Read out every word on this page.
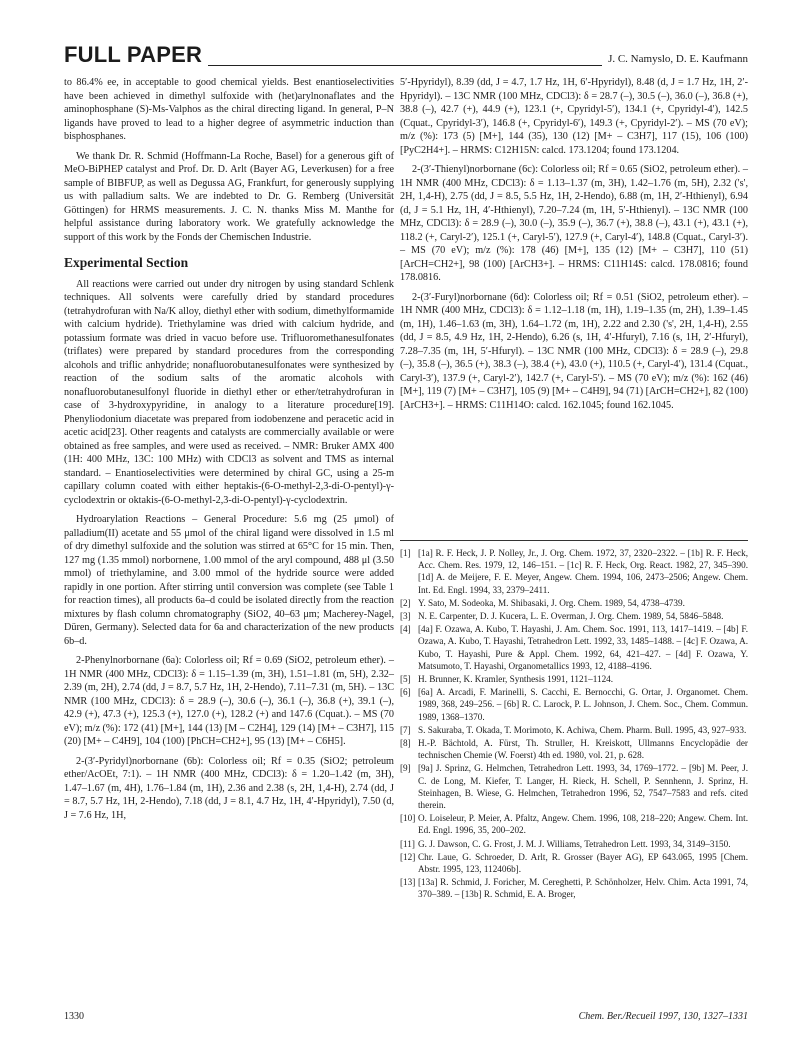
FULL PAPER	J. C. Namyslo, D. E. Kaufmann

to 86.4% ee, in acceptable to good chemical yields. Best enantioselectivities have been achieved in dimethyl sulfoxide with (het)arylnonaflates and the aminophosphane (S)-Ms-Valphos as the chiral directing ligand. In general, P–N ligands have proved to lead to a higher degree of asymmetric induction than bisphosphanes.

We thank Dr. R. Schmid (Hoffmann-La Roche, Basel) for a generous gift of MeO-BiPHEP catalyst and Prof. Dr. D. Arlt (Bayer AG, Leverkusen) for a free sample of BIBFUP, as well as Degussa AG, Frankfurt, for generously supplying us with palladium salts. We are indebted to Dr. G. Remberg (Universität Göttingen) for HRMS measurements. J. C. N. thanks Miss M. Manthe for helpful assistance during laboratory work. We gratefully acknowledge the support of this work by the Fonds der Chemischen Industrie.

Experimental Section

All reactions were carried out under dry nitrogen by using standard Schlenk techniques. All solvents were carefully dried by standard procedures (tetrahydrofuran with Na/K alloy, diethyl ether with sodium, dimethylformamide with calcium hydride). Triethylamine was dried with calcium hydride, and potassium formate was dried in vacuo before use. Trifluoromethanesulfonates (triflates) were prepared by standard procedures from the corresponding alcohols and triflic anhydride; nonafluorobutanesulfonates were synthesized by reaction of the sodium salts of the aromatic alcohols with nonafluorobutanesulfonyl fluoride in diethyl ether or ether/tetrahydrofuran in case of 3-hydroxypyridine, in analogy to a literature procedure[19]. Phenyliodonium diacetate was prepared from iodobenzene and peracetic acid in acetic acid[23]. Other reagents and catalysts are commercially available or were obtained as free samples, and were used as received. – NMR: Bruker AMX 400 (1H: 400 MHz, 13C: 100 MHz) with CDCl3 as solvent and TMS as internal standard. – Enantioselectivities were determined by chiral GC, using a 25-m capillary column coated with either heptakis-(6-O-methyl-2,3-di-O-pentyl)-γ-cyclodextrin or oktakis-(6-O-methyl-2,3-di-O-pentyl)-γ-cyclodextrin.

Hydroarylation Reactions – General Procedure: 5.6 mg (25 μmol) of palladium(II) acetate and 55 μmol of the chiral ligand were dissolved in 1.5 ml of dry dimethyl sulfoxide and the solution was stirred at 65°C for 15 min. Then, 127 mg (1.35 mmol) norbornene, 1.00 mmol of the aryl compound, 488 μl (3.50 mmol) of triethylamine, and 3.00 mmol of the hydride source were added rapidly in one portion. After stirring until conversion was complete (see Table 1 for reaction times), all products 6a–d could be isolated directly from the reaction mixtures by flash column chromatography (SiO2, 40–63 μm; Macherey-Nagel, Düren, Germany). Selected data for 6a and characterization of the new products 6b–d.

2-Phenylnorbornane (6a): Colorless oil; Rf = 0.69 (SiO2, petroleum ether). – 1H NMR (400 MHz, CDCl3): δ = 1.15–1.39 (m, 3H), 1.51–1.81 (m, 5H), 2.32–2.39 (m, 2H), 2.74 (dd, J = 8.7, 5.7 Hz, 1H, 2-Hendo), 7.11–7.31 (m, 5H). – 13C NMR (100 MHz, CDCl3): δ = 28.9 (–), 30.6 (–), 36.1 (–), 36.8 (+), 39.1 (–), 42.9 (+), 47.3 (+), 125.3 (+), 127.0 (+), 128.2 (+) and 147.6 (Cquat.). – MS (70 eV); m/z (%): 172 (41) [M+], 144 (13) [M – C2H4], 129 (14) [M+ – C3H7], 115 (20) [M+ – C4H9], 104 (100) [PhCH=CH2+], 95 (13) [M+ – C6H5].

2-(3′-Pyridyl)norbornane (6b): Colorless oil; Rf = 0.35 (SiO2; petroleum ether/AcOEt, 7:1). – 1H NMR (400 MHz, CDCl3): δ = 1.20–1.42 (m, 3H), 1.47–1.67 (m, 4H), 1.76–1.84 (m, 1H), 2.36 and 2.38 (s, 2H, 1,4-H), 2.74 (dd, J = 8.7, 5.7 Hz, 1H, 2-Hendo), 7.18 (dd, J = 8.1, 4.7 Hz, 1H, 4′-Hpyridyl), 7.50 (d, J = 7.6 Hz, 1H,

5′-Hpyridyl), 8.39 (dd, J = 4.7, 1.7 Hz, 1H, 6′-Hpyridyl), 8.48 (d, J = 1.7 Hz, 1H, 2′-Hpyridyl). – 13C NMR (100 MHz, CDCl3): δ = 28.7 (–), 30.5 (–), 36.0 (–), 36.8 (+), 38.8 (–), 42.7 (+), 44.9 (+), 123.1 (+, Cpyridyl-5′), 134.1 (+, Cpyridyl-4′), 142.5 (Cquat., Cpyridyl-3′), 146.8 (+, Cpyridyl-6′), 149.3 (+, Cpyridyl-2′). – MS (70 eV); m/z (%): 173 (5) [M+], 144 (35), 130 (12) [M+ – C3H7], 117 (15), 106 (100) [PyC2H4+]. – HRMS: C12H15N: calcd. 173.1204; found 173.1204.

2-(3′-Thienyl)norbornane (6c): Colorless oil; Rf = 0.65 (SiO2, petroleum ether). – 1H NMR (400 MHz, CDCl3): δ = 1.13–1.37 (m, 3H), 1.42–1.76 (m, 5H), 2.32 ('s', 2H, 1,4-H), 2.75 (dd, J = 8.5, 5.5 Hz, 1H, 2-Hendo), 6.88 (m, 1H, 2′-Hthienyl), 6.94 (d, J = 5.1 Hz, 1H, 4′-Hthienyl), 7.20–7.24 (m, 1H, 5′-Hthienyl). – 13C NMR (100 MHz, CDCl3): δ = 28.9 (–), 30.0 (–), 35.9 (–), 36.7 (+), 38.8 (–), 43.1 (+), 43.1 (+), 118.2 (+, Caryl-2′), 125.1 (+, Caryl-5′), 127.9 (+, Caryl-4′), 148.8 (Cquat., Caryl-3′). – MS (70 eV); m/z (%): 178 (46) [M+], 135 (12) [M+ – C3H7], 110 (51) [ArCH=CH2+], 98 (100) [ArCH3+]. – HRMS: C11H14S: calcd. 178.0816; found 178.0816.

2-(3′-Furyl)norbornane (6d): Colorless oil; Rf = 0.51 (SiO2, petroleum ether). – 1H NMR (400 MHz, CDCl3): δ = 1.12–1.18 (m, 1H), 1.19–1.35 (m, 2H), 1.39–1.45 (m, 1H), 1.46–1.63 (m, 3H), 1.64–1.72 (m, 1H), 2.22 and 2.30 ('s', 2H, 1,4-H), 2.55 (dd, J = 8.5, 4.9 Hz, 1H, 2-Hendo), 6.26 (s, 1H, 4′-Hfuryl), 7.16 (s, 1H, 2′-Hfuryl), 7.28–7.35 (m, 1H, 5′-Hfuryl). – 13C NMR (100 MHz, CDCl3): δ = 28.9 (–), 29.8 (–), 35.8 (–), 36.5 (+), 38.3 (–), 38.4 (+), 43.0 (+), 110.5 (+, Caryl-4′), 131.4 (Cquat., Caryl-3′), 137.9 (+, Caryl-2′), 142.7 (+, Caryl-5′). – MS (70 eV); m/z (%): 162 (46) [M+], 119 (7) [M+ – C3H7], 105 (9) [M+ – C4H9], 94 (71) [ArCH=CH2+], 82 (100) [ArCH3+]. – HRMS: C11H14O: calcd. 162.1045; found 162.1045.

[1] [1a] R. F. Heck, J. P. Nolley, Jr., J. Org. Chem. 1972, 37, 2320–2322. – [1b] R. F. Heck, Acc. Chem. Res. 1979, 12, 146–151. – [1c] R. F. Heck, Org. React. 1982, 27, 345–390. [1d] A. de Meijere, F. E. Meyer, Angew. Chem. 1994, 106, 2473–2506; Angew. Chem. Int. Ed. Engl. 1994, 33, 2379–2411.
[2] Y. Sato, M. Sodeoka, M. Shibasaki, J. Org. Chem. 1989, 54, 4738–4739.
[3] N. E. Carpenter, D. J. Kucera, L. E. Overman, J. Org. Chem. 1989, 54, 5846–5848.
[4] [4a] F. Ozawa, A. Kubo, T. Hayashi, J. Am. Chem. Soc. 1991, 113, 1417–1419. – [4b] F. Ozawa, A. Kubo, T. Hayashi, Tetrahedron Lett. 1992, 33, 1485–1488. – [4c] F. Ozawa, A. Kubo, T. Hayashi, Pure & Appl. Chem. 1992, 64, 421–427. – [4d] F. Ozawa, Y. Matsumoto, T. Hayashi, Organometallics 1993, 12, 4188–4196.
[5] H. Brunner, K. Kramler, Synthesis 1991, 1121–1124.
[6] [6a] A. Arcadi, F. Marinelli, S. Cacchi, E. Bernocchi, G. Ortar, J. Organomet. Chem. 1989, 368, 249–256. – [6b] R. C. Larock, P. L. Johnson, J. Chem. Soc., Chem. Commun. 1989, 1368–1370.
[7] S. Sakuraba, T. Okada, T. Morimoto, K. Achiwa, Chem. Pharm. Bull. 1995, 43, 927–933.
[8] H.-P. Bächtold, A. Fürst, Th. Struller, H. Kreiskott, Ullmanns Encyclopädie der technischen Chemie (W. Foerst) 4th ed. 1980, vol. 21, p. 628.
[9] [9a] J. Sprinz, G. Helmchen, Tetrahedron Lett. 1993, 34, 1769–1772. – [9b] M. Peer, J. C. de Long, M. Kiefer, T. Langer, H. Rieck, H. Schell, P. Sennhenn, J. Sprinz, H. Steinhagen, B. Wiese, G. Helmchen, Tetrahedron 1996, 52, 7547–7583 and refs. cited therein.
[10] O. Loiseleur, P. Meier, A. Pfaltz, Angew. Chem. 1996, 108, 218–220; Angew. Chem. Int. Ed. Engl. 1996, 35, 200–202.
[11] G. J. Dawson, C. G. Frost, J. M. J. Williams, Tetrahedron Lett. 1993, 34, 3149–3150.
[12] Chr. Laue, G. Schroeder, D. Arlt, R. Grosser (Bayer AG), EP 643.065, 1995 [Chem. Abstr. 1995, 123, 112406b].
[13] [13a] R. Schmid, J. Foricher, M. Cereghetti, P. Schönholzer, Helv. Chim. Acta 1991, 74, 370–389. – [13b] R. Schmid, E. A. Broger,
1330	Chem. Ber./Recueil 1997, 130, 1327–1331
